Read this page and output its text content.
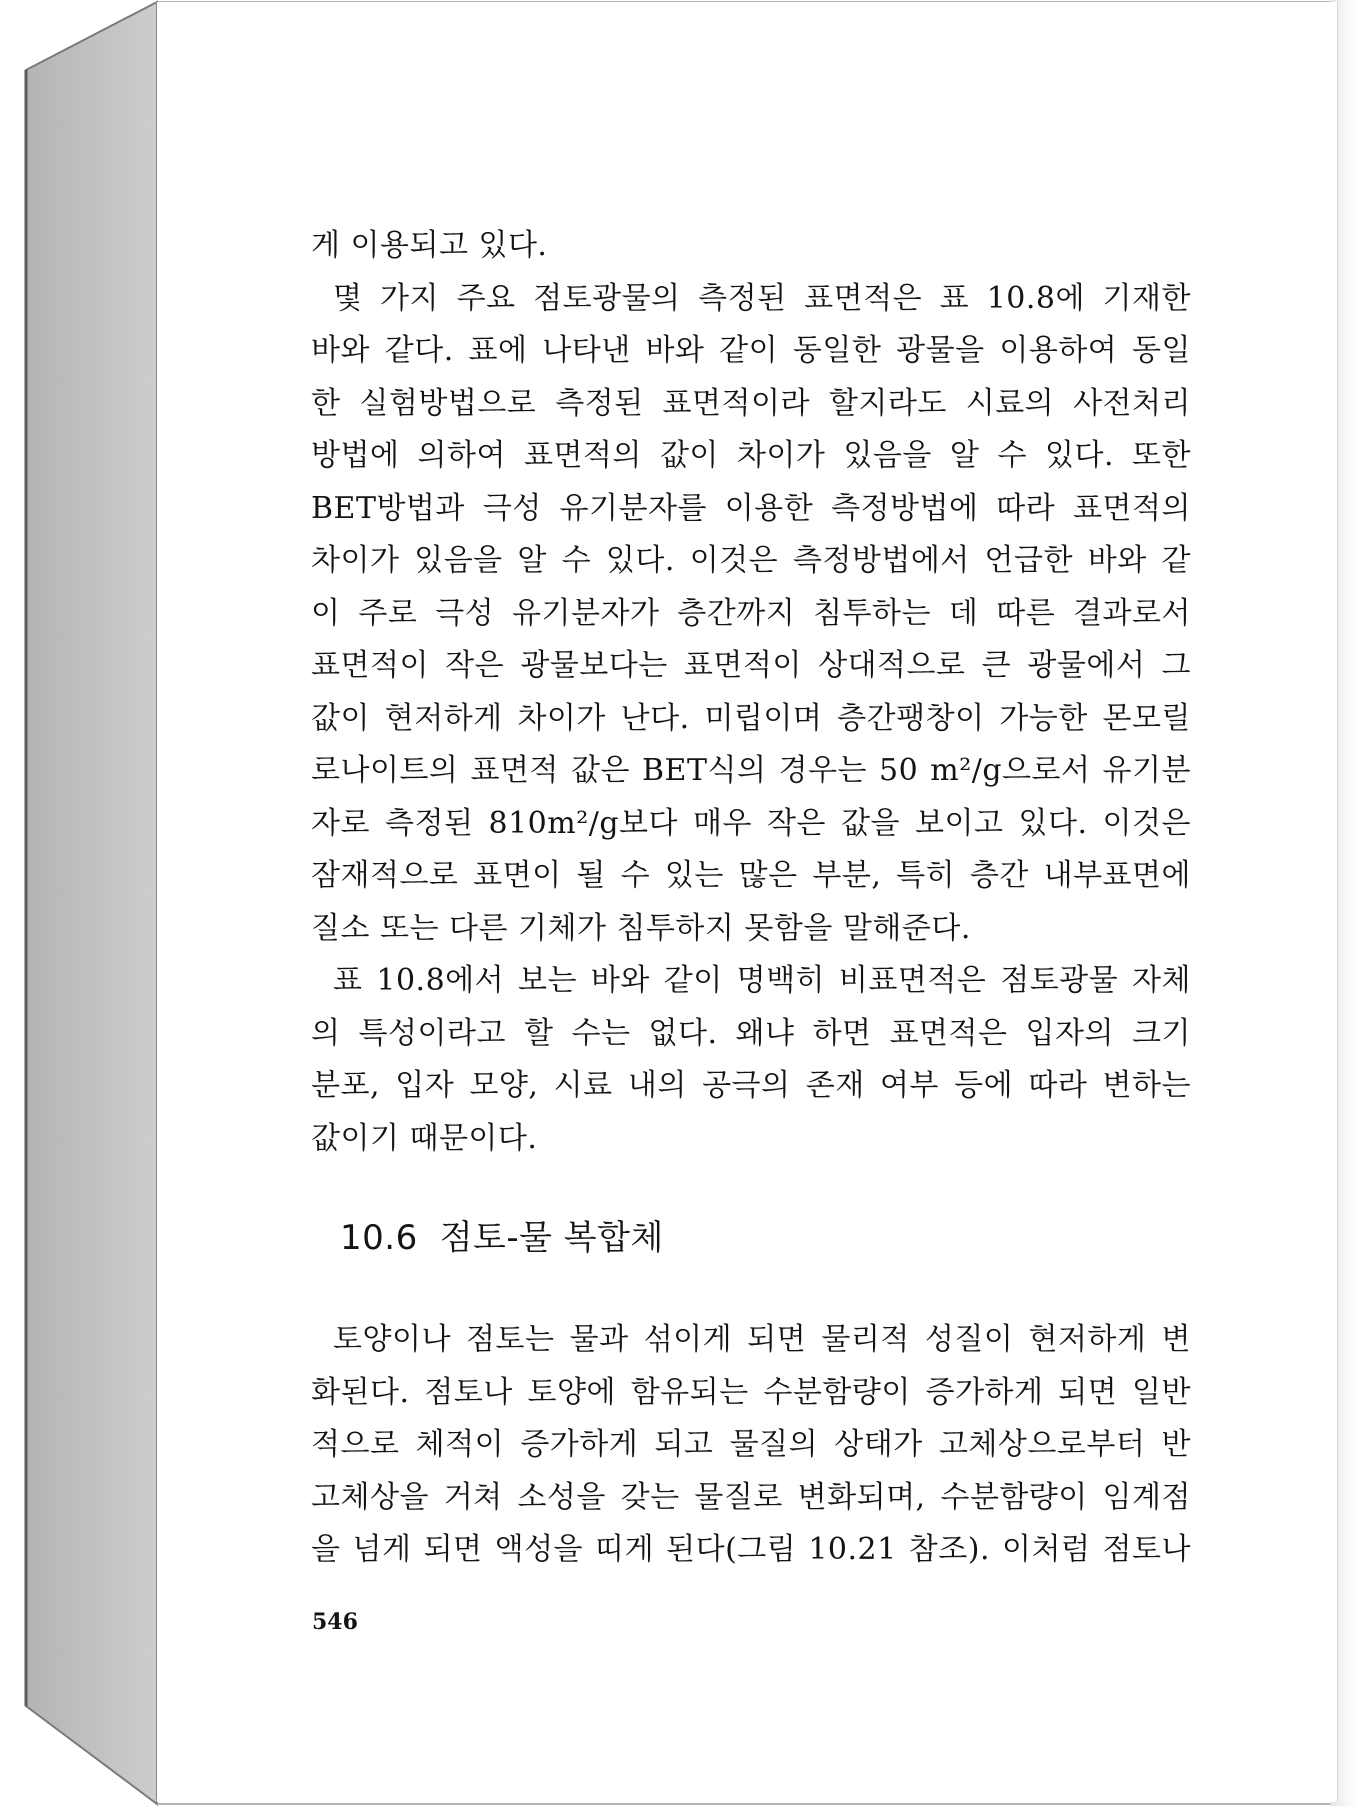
게 이용되고 있다.

몇 가지 주요 점토광물의 측정된 표면적은 표 10.8에 기재한
바와 같다. 표에 나타낸 바와 같이 동일한 광물을 이용하여 동일
한 실험방법으로 측정된 표면적이라 할지라도 시료의 사전처리
방법에 의하여 표면적의 값이 차이가 있음을 알 수 있다. 또한
BET방법과 극성 유기분자를 이용한 측정방법에 따라 표면적의
차이가 있음을 알 수 있다. 이것은 측정방법에서 언급한 바와 같
이 주로 극성 유기분자가 층간까지 침투하는 데 따른 결과로서
표면적이 작은 광물보다는 표면적이 상대적으로 큰 광물에서 그
값이 현저하게 차이가 난다. 미립이며 층간팽창이 가능한 몬모릴
로나이트의 표면적 값은 BET식의 경우는 50 m²/g으로서 유기분
자로 측정된 810m²/g보다 매우 작은 값을 보이고 있다. 이것은
잠재적으로 표면이 될 수 있는 많은 부분, 특히 층간 내부표면에
질소 또는 다른 기체가 침투하지 못함을 말해준다.

표 10.8에서 보는 바와 같이 명백히 비표면적은 점토광물 자체
의 특성이라고 할 수는 없다. 왜냐 하면 표면적은 입자의 크기
분포, 입자 모양, 시료 내의 공극의 존재 여부 등에 따라 변하는
값이기 때문이다.

10.6 점토-물 복합체

토양이나 점토는 물과 섞이게 되면 물리적 성질이 현저하게 변
화된다. 점토나 토양에 함유되는 수분함량이 증가하게 되면 일반
적으로 체적이 증가하게 되고 물질의 상태가 고체상으로부터 반
고체상을 거쳐 소성을 갖는 물질로 변화되며, 수분함량이 임계점
을 넘게 되면 액성을 띠게 된다(그림 10.21 참조). 이처럼 점토나

546
